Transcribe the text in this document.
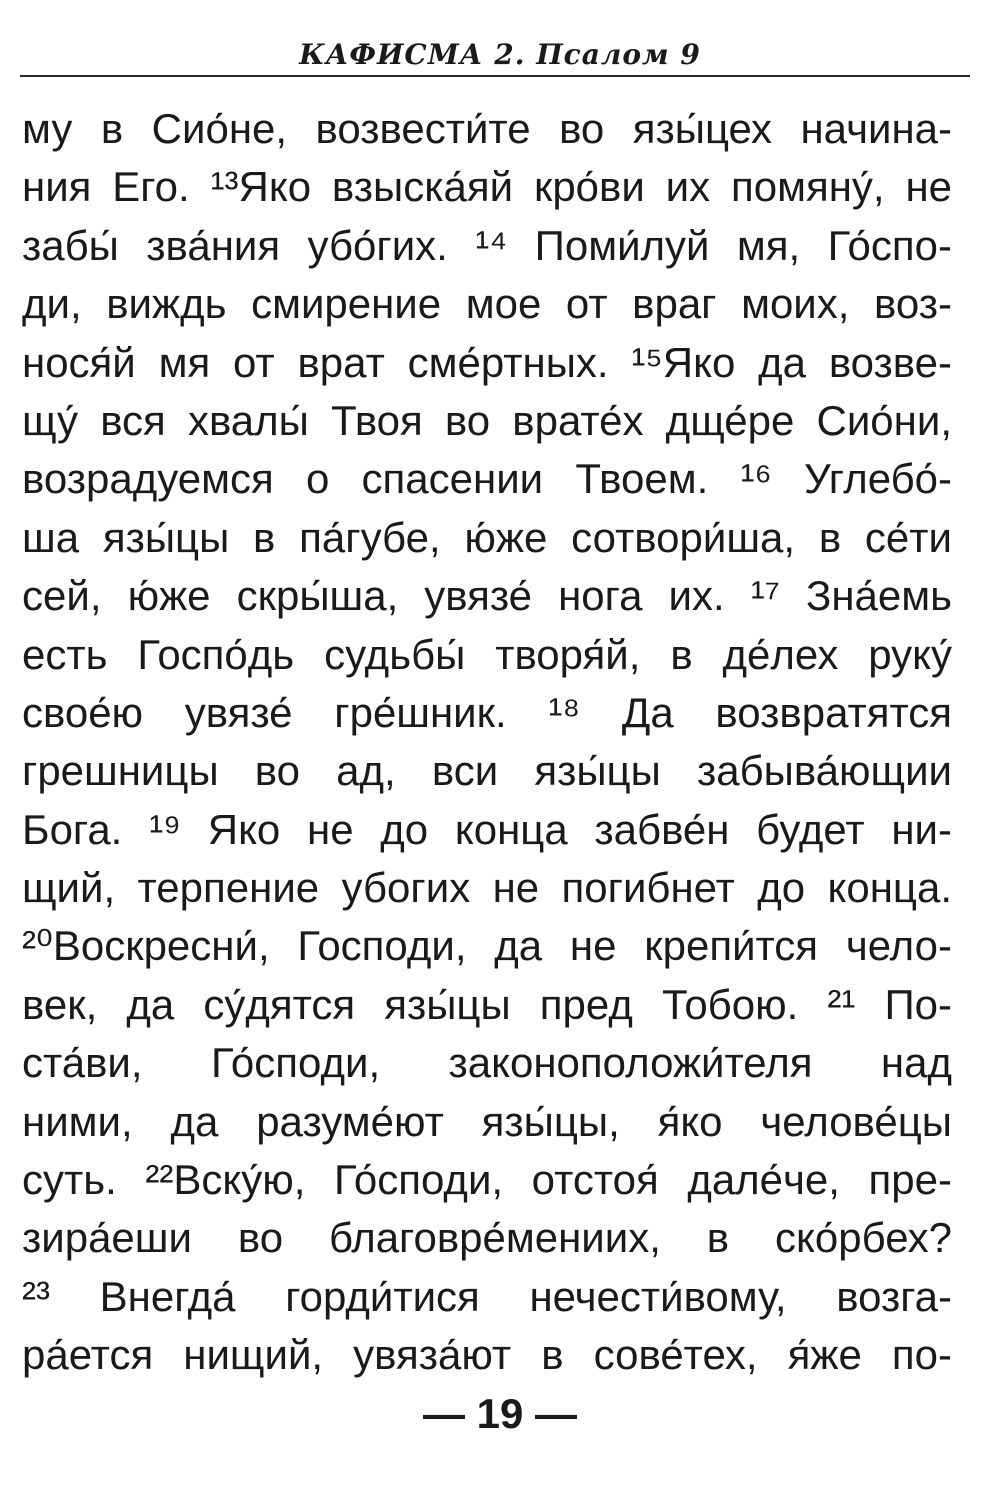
КАФИСМА 2. Псалом 9
му в Сио́не, возвести́те во язы́цех начина-
ния Его. ¹³Яко взыска́яй кро́ви их помяну́, не
забы́ зва́ния убо́гих. ¹⁴ Поми́луй мя, Го́спо-
ди, виждь смирение мое от враг моих, воз-
нося́й мя от врат сме́ртных. ¹⁵Яко да возве-
щу́ вся хвалы́ Твоя во врате́х дще́ре Сио́ни,
возрадуемся о спасении Твоем. ¹⁶ Углебо́-
ша язы́цы в па́губе, ю́же сотвори́ша, в се́ти
сей, ю́же скры́ша, увязе́ нога их. ¹⁷ Зна́емь
есть Госпо́дь судьбы́ творя́й, в де́лех руку́
свое́ю увязе́ гре́шник. ¹⁸ Да возвратятся
грешницы во ад, вси язы́цы забыва́ющии
Бога. ¹⁹ Яко не до конца забве́н будет ни-
щий, терпение убогих не погибнет до конца.
²⁰Воскресни́, Господи, да не крепи́тся чело-
век, да су́дятся язы́цы пред Тобою. ²¹ По-
ста́ви, Го́споди, законоположи́теля над
ними, да разуме́ют язы́цы, я́ко челове́цы
суть. ²²Вску́ю, Го́споди, отстоя́ дале́че, пре-
зира́еши во благовре́мениих, в ско́рбех?
²³ Внегда́ горди́тися нечести́вому, возга-
ра́ется нищий, увяза́ют в сове́тех, я́же по-
— 19 —
